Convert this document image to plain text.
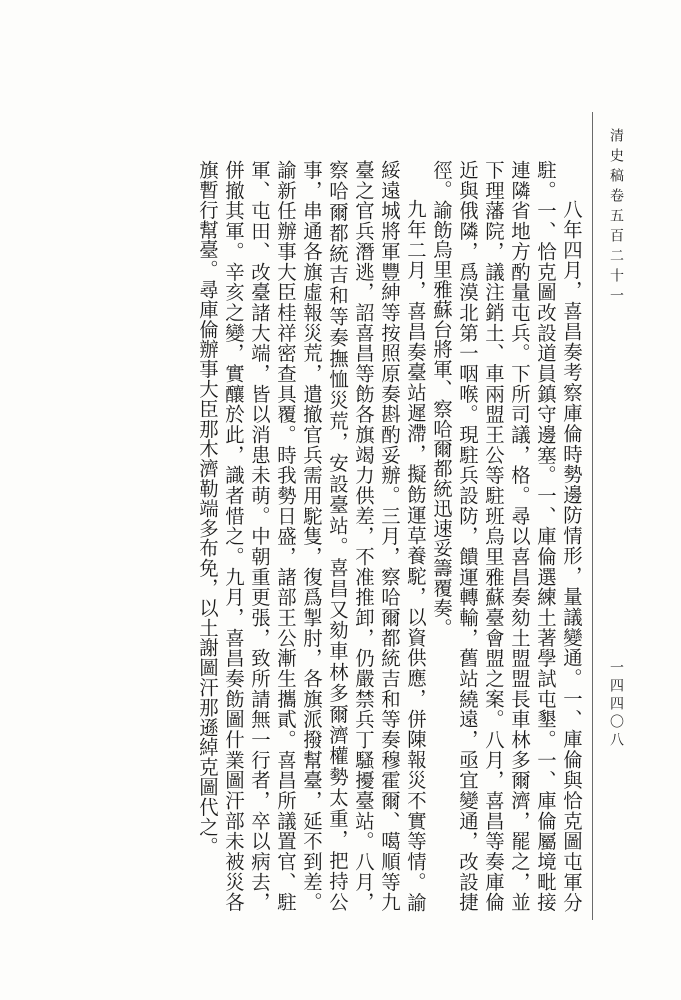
清史稿卷五百二十一
一四四〇八

八年四月，喜昌奏考察庫倫時勢邊防情形，量議變通。一、庫倫與恰克圖屯軍分駐。一、恰克圖改設道員鎮守邊塞。一、庫倫選練土著學試屯墾。一、庫倫屬境毗接連隣省地方酌量屯兵。下所司議，格。尋以喜昌奏劾土盟盟長車林多爾濟，罷之，並下理藩院，議注銷土、車兩盟王公等駐班烏里雅蘇臺會盟之案。八月，喜昌等奏庫倫近與俄隣，爲漠北第一咽喉。現駐兵設防，饋運轉輸，舊站繞遠，亟宜變通，改設捷徑。諭飭烏里雅蘇台將軍、察哈爾都統迅速妥籌覆奏。

九年二月，喜昌奏臺站遲滯，擬飭運草養駝，以資供應，併陳報災不實等情。諭綏遠城將軍豐紳等按照原奏斟酌妥辦。三月，察哈爾都統吉和等奏穆霍爾、噶順等九臺之官兵潛逃，詔喜昌等飭各旗竭力供差，不准推卸，仍嚴禁兵丁騷擾臺站。八月，察哈爾都統吉和等奏撫恤災荒，安設臺站。喜昌又劾車林多爾濟權勢太重，把持公事，串通各旗虛報災荒，遣撤官兵需用駝隻，復爲掣肘，各旗派撥幫臺，延不到差。諭新任辦事大臣桂祥密查具覆。時我勢日盛，諸部王公漸生攜貳。喜昌所議置官、駐軍、屯田、改臺諸大端，皆以消患未萌。中朝重更張，致所請無一行者，卒以病去，併撤其軍。辛亥之變，實釀於此，識者惜之。九月，喜昌奏飭圖什業圖汗部未被災各旗暫行幫臺。尋庫倫辦事大臣那木濟勒端多布免，以土謝圖汗那遜綽克圖代之。
